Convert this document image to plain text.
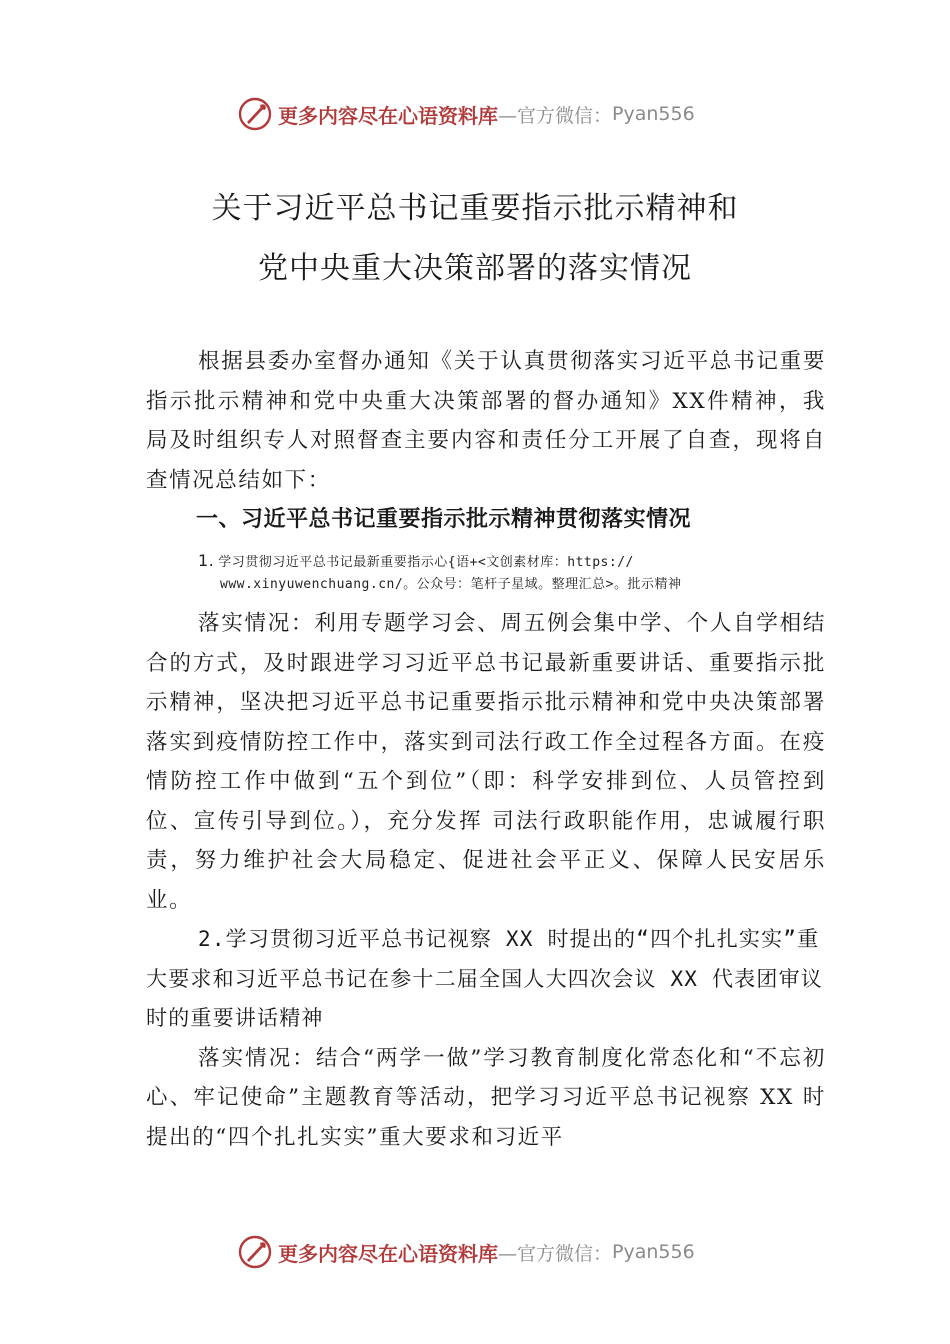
更多内容尽在心语资料库 —官方微信： Pyan556
关于习近平总书记重要指示批示精神和
党中央重大决策部署的落实情况

根据县委办室督办通知《关于认真贯彻落实习近平总书记重要指示批示精神和党中央重大决策部署的督办通知》XX件精神，我局及时组织专人对照督查主要内容和责任分工开展了自查，现将自查情况总结如下：

一、习近平总书记重要指示批示精神贯彻落实情况

1. 学习贯彻习近平总书记最新重要指示心{语+<文创素材库：https://
www.xinyuwenchuang.cn/。公众号：笔杆子星域。整理汇总>。批示精神

落实情况：利用专题学习会、周五例会集中学、个人自学相结合的方式，及时跟进学习习近平总书记最新重要讲话、重要指示批示精神，坚决把习近平总书记重要指示批示精神和党中央决策部署落实到疫情防控工作中，落实到司法行政工作全过程各方面。在疫情防控工作中做到“五个到位”（即：科学安排到位、人员管控到位、宣传引导到位。），充分发挥 司法行政职能作用，忠诚履行职责，努力维护社会大局稳定、促进社会平正义、保障人民安居乐业。

2.学习贯彻习近平总书记视察 XX 时提出的“四个扎扎实实”重大要求和习近平总书记在参十二届全国人大四次会议 XX 代表团审议时的重要讲话精神

落实情况：结合“两学一做”学习教育制度化常态化和“不忘初心、牢记使命”主题教育等活动，把学习习近平总书记视察 XX 时提出的“四个扎扎实实”重大要求和习近平

更多内容尽在心语资料库 —官方微信： Pyan556
